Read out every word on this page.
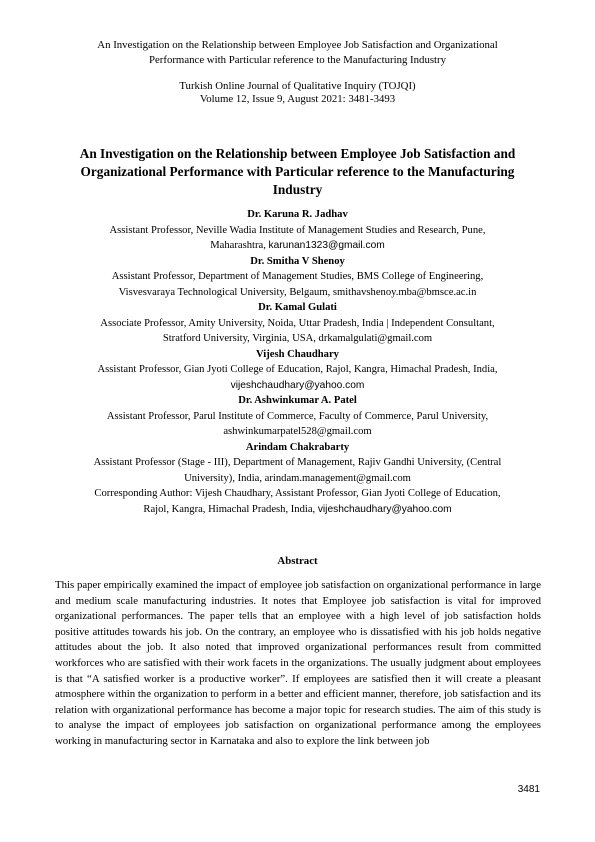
An Investigation on the Relationship between Employee Job Satisfaction and Organizational
Performance with Particular reference to the Manufacturing Industry
Turkish Online Journal of Qualitative Inquiry (TOJQI)
Volume 12, Issue 9, August 2021: 3481-3493
An Investigation on the Relationship between Employee Job Satisfaction and Organizational Performance with Particular reference to the Manufacturing Industry
Dr. Karuna R. Jadhav
Assistant Professor, Neville Wadia Institute of Management Studies and Research, Pune,
Maharashtra, karunan1323@gmail.com
Dr. Smitha V Shenoy
Assistant Professor, Department of Management Studies, BMS College of Engineering,
Visvesvaraya Technological University, Belgaum, smithavshenoy.mba@bmsce.ac.in
Dr. Kamal Gulati
Associate Professor, Amity University, Noida, Uttar Pradesh, India | Independent Consultant,
Stratford University, Virginia, USA, drkamalgulati@gmail.com
Vijesh Chaudhary
Assistant Professor, Gian Jyoti College of Education, Rajol, Kangra, Himachal Pradesh, India,
vijeshchaudhary@yahoo.com
Dr. Ashwinkumar A. Patel
Assistant Professor, Parul Institute of Commerce, Faculty of Commerce, Parul University,
ashwinkumarpatel528@gmail.com
Arindam Chakrabarty
Assistant Professor (Stage - III), Department of Management, Rajiv Gandhi University, (Central
University), India, arindam.management@gmail.com
Corresponding Author: Vijesh Chaudhary, Assistant Professor, Gian Jyoti College of Education,
Rajol, Kangra, Himachal Pradesh, India, vijeshchaudhary@yahoo.com
Abstract

This paper empirically examined the impact of employee job satisfaction on organizational performance in large and medium scale manufacturing industries. It notes that Employee job satisfaction is vital for improved organizational performances. The paper tells that an employee with a high level of job satisfaction holds positive attitudes towards his job. On the contrary, an employee who is dissatisfied with his job holds negative attitudes about the job. It also noted that improved organizational performances result from committed workforces who are satisfied with their work facets in the organizations. The usually judgment about employees is that “A satisfied worker is a productive worker”. If employees are satisfied then it will create a pleasant atmosphere within the organization to perform in a better and efficient manner, therefore, job satisfaction and its relation with organizational performance has become a major topic for research studies. The aim of this study is to analyse the impact of employees job satisfaction on organizational performance among the employees working in manufacturing sector in Karnataka and also to explore the link between job

3481
